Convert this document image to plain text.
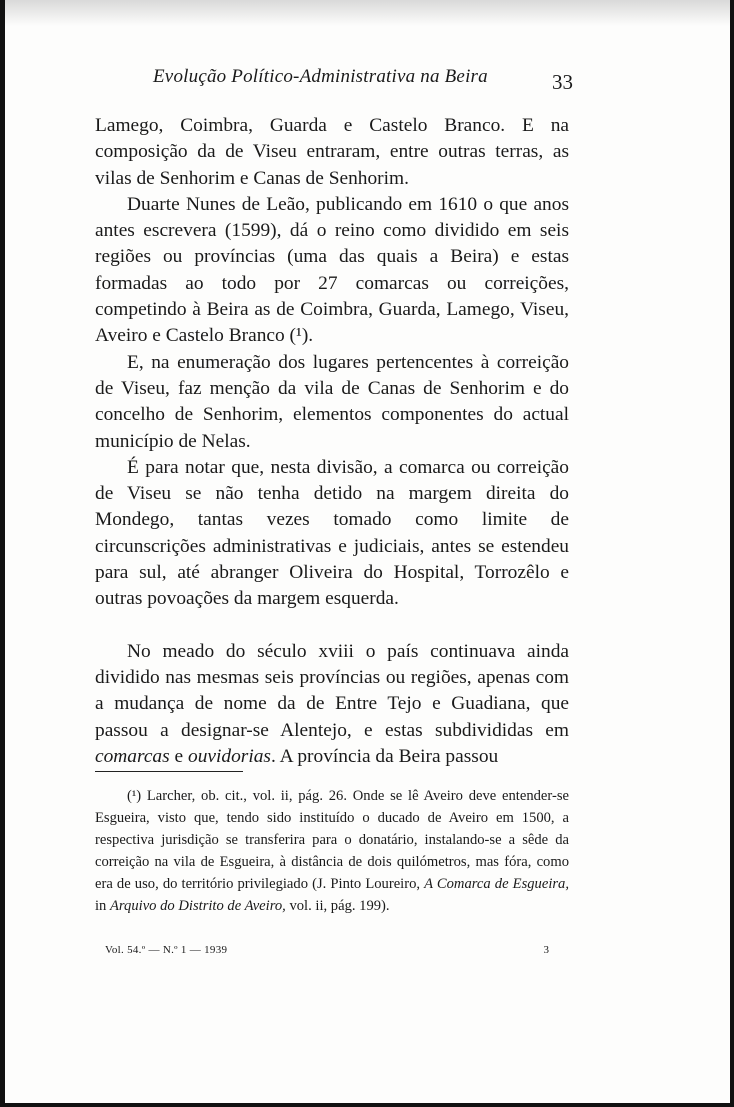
Evolução Político-Administrativa na Beira	33

Lamego, Coimbra, Guarda e Castelo Branco. E na composição da de Viseu entraram, entre outras terras, as vilas de Senhorim e Canas de Senhorim.

Duarte Nunes de Leão, publicando em 1610 o que anos antes escrevera (1599), dá o reino como dividido em seis regiões ou províncias (uma das quais a Beira) e estas formadas ao todo por 27 comarcas ou correições, competindo à Beira as de Coimbra, Guarda, Lamego, Viseu, Aveiro e Castelo Branco (¹).

E, na enumeração dos lugares pertencentes à correição de Viseu, faz menção da vila de Canas de Senhorim e do concelho de Senhorim, elementos componentes do actual município de Nelas.

É para notar que, nesta divisão, a comarca ou correição de Viseu se não tenha detido na margem direita do Mondego, tantas vezes tomado como limite de circunscrições administrativas e judiciais, antes se estendeu para sul, até abranger Oliveira do Hospital, Torrozêlo e outras povoações da margem esquerda.

No meado do século xviii o país continuava ainda dividido nas mesmas seis províncias ou regiões, apenas com a mudança de nome da de Entre Tejo e Guadiana, que passou a designar-se Alentejo, e estas subdivididas em comarcas e ouvidorias. A província da Beira passou

(¹) Larcher, ob. cit., vol. ii, pág. 26. Onde se lê Aveiro deve entender-se Esgueira, visto que, tendo sido instituído o ducado de Aveiro em 1500, a respectiva jurisdição se transferira para o donatário, instalando-se a sêde da correição na vila de Esgueira, à distância de dois quilómetros, mas fóra, como era de uso, do território privilegiado (J. Pinto Loureiro, A Comarca de Esgueira, in Arquivo do Distrito de Aveiro, vol. ii, pág. 199).

Vol. 54.º — N.º 1 — 1939	3
